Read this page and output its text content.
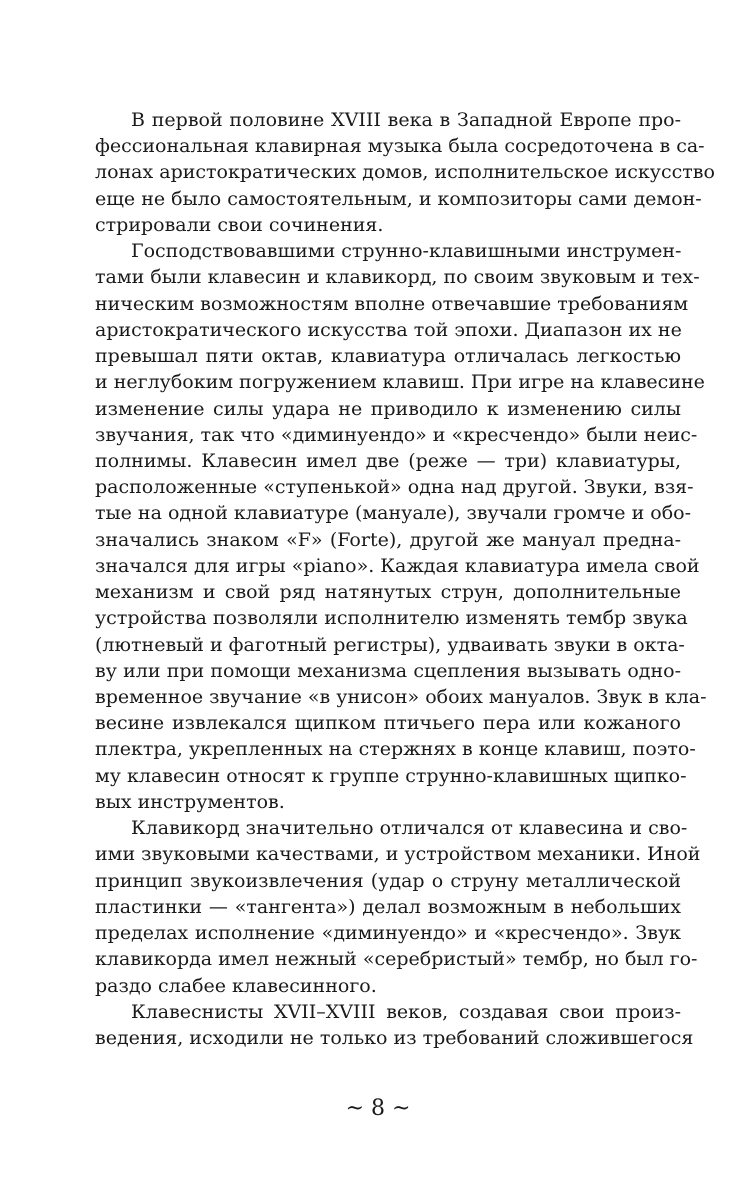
В первой половине XVIII века в Западной Европе про-
фессиональная клавирная музыка была сосредоточена в са-
лонах аристократических домов, исполнительское искусство
еще не было самостоятельным, и композиторы сами демон-
стрировали свои сочинения.
Господствовавшими струнно-клавишными инструмен-
тами были клавесин и клавикорд, по своим звуковым и тех-
ническим возможностям вполне отвечавшие требованиям
аристократического искусства той эпохи. Диапазон их не
превышал пяти октав, клавиатура отличалась легкостью
и неглубоким погружением клавиш. При игре на клавесине
изменение силы удара не приводило к изменению силы
звучания, так что «диминуендо» и «кресчендо» были неис-
полнимы. Клавесин имел две (реже — три) клавиатуры,
расположенные «ступенькой» одна над другой. Звуки, взя-
тые на одной клавиатуре (мануале), звучали громче и обо-
значались знаком «F» (Forte), другой же мануал предна-
значался для игры «piano». Каждая клавиатура имела свой
механизм и свой ряд натянутых струн, дополнительные
устройства позволяли исполнителю изменять тембр звука
(лютневый и фаготный регистры), удваивать звуки в окта-
ву или при помощи механизма сцепления вызывать одно-
временное звучание «в унисон» обоих мануалов. Звук в кла-
весине извлекался щипком птичьего пера или кожаного
плектра, укрепленных на стержнях в конце клавиш, поэто-
му клавесин относят к группе струнно-клавишных щипко-
вых инструментов.
Клавикорд значительно отличался от клавесина и сво-
ими звуковыми качествами, и устройством механики. Иной
принцип звукоизвлечения (удар о струну металлической
пластинки — «тангента») делал возможным в небольших
пределах исполнение «диминуендо» и «кресчендо». Звук
клавикорда имел нежный «серебристый» тембр, но был го-
раздо слабее клавесинного.
Клавеснисты XVII–XVIII веков, создавая свои произ-
ведения, исходили не только из требований сложившегося
~ 8 ~
